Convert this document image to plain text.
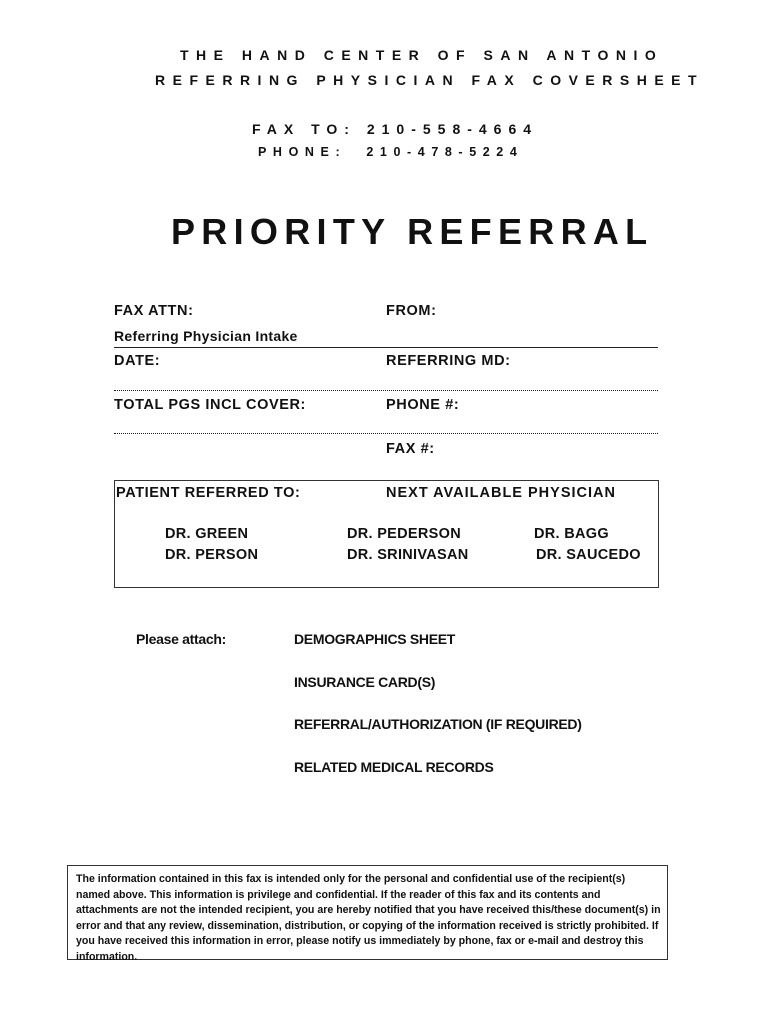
THE HAND CENTER OF SAN ANTONIO
REFERRING PHYSICIAN FAX COVERSHEET
FAX TO: 210-558-4664
PHONE:  210-478-5224
PRIORITY REFERRAL
FAX ATTN:	FROM:
Referring Physician Intake
DATE:	REFERRING MD:
TOTAL PGS INCL COVER:	PHONE #:
FAX #:
PATIENT REFERRED TO:	NEXT AVAILABLE PHYSICIAN
DR. GREEN	DR. PEDERSON	DR. BAGG
DR. PERSON	DR. SRINIVASAN	DR. SAUCEDO
Please attach:	DEMOGRAPHICS SHEET
INSURANCE CARD(S)
REFERRAL/AUTHORIZATION (IF REQUIRED)
RELATED MEDICAL RECORDS
The information contained in this fax is intended only for the personal and confidential use of the recipient(s) named above. This information is privilege and confidential. If the reader of this fax and its contents and attachments are not the intended recipient, you are hereby notified that you have received this/these document(s) in error and that any review, dissemination, distribution, or copying of the information received is strictly prohibited. If you have received this information in error, please notify us immediately by phone, fax or e-mail and destroy this information.
